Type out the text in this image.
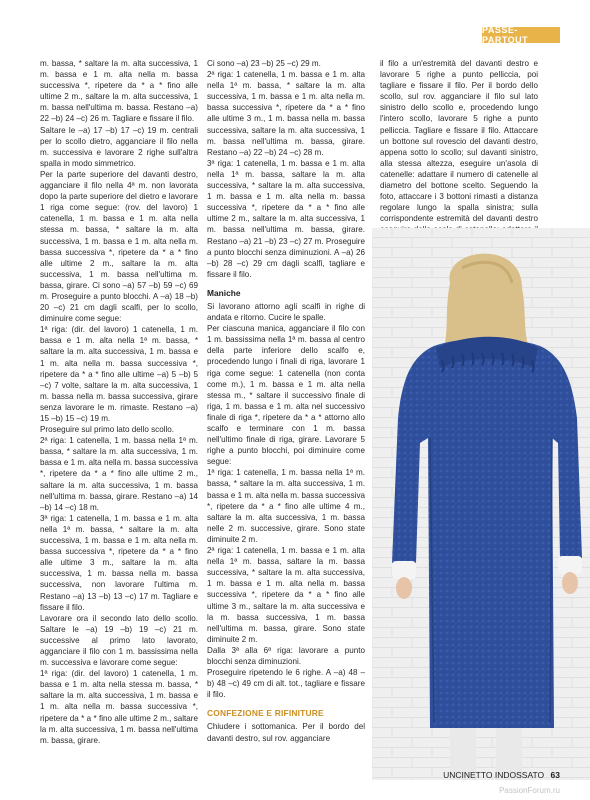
PASSE-PARTOUT

m. bassa, * saltare la m. alta successiva, 1 m. bassa e 1 m. alta nella m. bassa successiva *, ripetere da * a * fino alle ultime 2 m., saltare la m. alta successiva, 1 m. bassa nell'ultima m. bassa. Restano –a) 22 –b) 24 –c) 26 m. Tagliare e fissare il filo.

Saltare le –a) 17 –b) 17 –c) 19 m. centrali per lo scollo dietro, agganciare il filo nella m. successiva e lavorare 2 righe sull'altra spalla in modo simmetrico.

Per la parte superiore del davanti destro, agganciare il filo nella 4ª m. non lavorata dopo la parte superiore del dietro e lavorare 1 riga come segue: (rov. del lavoro) 1 catenella, 1 m. bassa e 1 m. alta nella stessa m. bassa, * saltare la m. alta successiva, 1 m. bassa e 1 m. alta nella m. bassa successiva *, ripetere da * a * fino alle ultime 2 m., saltare la m. alta successiva, 1 m. bassa nell'ultima m. bassa, girare. Ci sono –a) 57 –b) 59 –c) 69 m. Proseguire a punto blocchi. A –a) 18 –b) 20 –c) 21 cm dagli scalfi, per lo scollo, diminuire come segue:

1ª riga: (dir. del lavoro) 1 catenella, 1 m. bassa e 1 m. alta nella 1ª m. bassa, * saltare la m. alta successiva, 1 m. bassa e 1 m. alta nella m. bassa successiva *, ripetere da * a * fino alle ultime –a) 5 –b) 5 –c) 7 volte, saltare la m. alta successiva, 1 m. bassa nella m. bassa successiva, girare senza lavorare le m. rimaste. Restano –a) 15 –b) 15 –c) 19 m.

Proseguire sul primo lato dello scollo.

2ª riga: 1 catenella, 1 m. bassa nella 1ª m. bassa, * saltare la m. alta successiva, 1 m. bassa e 1 m. alta nella m. bassa successiva *, ripetere da * a * fino alle ultime 2 m., saltare la m. alta successiva, 1 m. bassa nell'ultima m. bassa, girare. Restano –a) 14 –b) 14 –c) 18 m.

3ª riga: 1 catenella, 1 m. bassa e 1 m. alta nella 1ª m. bassa, * saltare la m. alta successiva, 1 m. bassa e 1 m. alta nella m. bassa successiva *, ripetere da * a * fino alle ultime 3 m., saltare la m. alta successiva, 1 m. bassa nella m. bassa successiva, non lavorare l'ultima m. Restano –a) 13 –b) 13 –c) 17 m. Tagliare e fissare il filo.

Lavorare ora il secondo lato dello scollo. Saltare le –a) 19 –b) 19 –c) 21 m. successive al primo lato lavorato, agganciare il filo con 1 m. bassissima nella m. successiva e lavorare come segue:

1ª riga: (dir. del lavoro) 1 catenella, 1 m. bassa e 1 m. alta nella stessa m. bassa, * saltare la m. alta successiva, 1 m. bassa e 1 m. alta nella m. bassa successiva *, ripetere da * a * fino alle ultime 2 m., saltare la m. alta successiva, 1 m. bassa nell'ultima m. bassa, girare.

Ci sono –a) 23 –b) 25 –c) 29 m.

2ª riga: 1 catenella, 1 m. bassa e 1 m. alta nella 1ª m. bassa, * saltare la m. alta successiva, 1 m. bassa e 1 m. alta nella m. bassa successiva *, ripetere da * a * fino alle ultime 3 m., 1 m. bassa nella m. bassa successiva, saltare la m. alta successiva, 1 m. bassa nell'ultima m. bassa, girare. Restano –a) 22 –b) 24 –c) 28 m.

3ª riga: 1 catenella, 1 m. bassa e 1 m. alta nella 1ª m. bassa, saltare la m. alta successiva, * saltare la m. alta successiva, 1 m. bassa e 1 m. alta nella m. bassa successiva *, ripetere da * a * fino alle ultime 2 m., saltare la m. alta successiva, 1 m. bassa nell'ultima m. bassa, girare. Restano –a) 21 –b) 23 –c) 27 m. Proseguire a punto blocchi senza diminuzioni. A –a) 26 –b) 28 –c) 29 cm dagli scalfi, tagliare e fissare il filo.

Maniche

Si lavorano attorno agli scalfi in righe di andata e ritorno. Cucire le spalle.

Per ciascuna manica, agganciare il filo con 1 m. bassissima nella 1ª m. bassa al centro della parte inferiore dello scalfo e, procedendo lungo i finali di riga, lavorare 1 riga come segue: 1 catenella (non conta come m.), 1 m. bassa e 1 m. alta nella stessa m., * saltare il successivo finale di riga, 1 m. bassa e 1 m. alta nel successivo finale di riga *, ripetere da * a * attorno allo scalfo e terminare con 1 m. bassa nell'ultimo finale di riga, girare. Lavorare 5 righe a punto blocchi, poi diminuire come segue:

1ª riga: 1 catenella, 1 m. bassa nella 1ª m. bassa, * saltare la m. alta successiva, 1 m. bassa e 1 m. alta nella m. bassa successiva *, ripetere da * a * fino alle ultime 4 m., saltare la m. alta successiva, 1 m. bassa nelle 2 m. successive, girare. Sono state diminuite 2 m.

2ª riga: 1 catenella, 1 m. bassa e 1 m. alta nella 1ª m. bassa, saltare la m. bassa successiva, * saltare la m. alta successiva, 1 m. bassa e 1 m. alta nella m. bassa successiva *, ripetere da * a * fino alle ultime 3 m., saltare la m. alta successiva e la m. bassa successiva, 1 m. bassa nell'ultima m. bassa, girare. Sono state diminuite 2 m.

Dalla 3ª alla 6ª riga: lavorare a punto blocchi senza diminuzioni.

Proseguire ripetendo le 6 righe. A –a) 48 –b) 48 –c) 49 cm di alt. tot., tagliare e fissare il filo.

CONFEZIONE E RIFINITURE

Chiudere i sottomanica. Per il bordo del davanti destro, sul rov. agganciare

il filo a un'estremità del davanti destro e lavorare 5 righe a punto pelliccia, poi tagliare e fissare il filo. Per il bordo dello scollo, sul rov. agganciare il filo sul lato sinistro dello scollo e, procedendo lungo l'intero scollo, lavorare 5 righe a punto pelliccia. Tagliare e fissare il filo. Attaccare un bottone sul rovescio del davanti destro, appena sotto lo scollo; sul davanti sinistro, alla stessa altezza, eseguire un'asola di catenelle: adattare il numero di catenelle al diametro del bottone scelto. Seguendo la foto, attaccare i 3 bottoni rimasti a distanza regolare lungo la spalla sinistra; sulla corrispondente estremità del davanti destro

UNCINETTO INDOSSATO 63
PassionForum.ru
